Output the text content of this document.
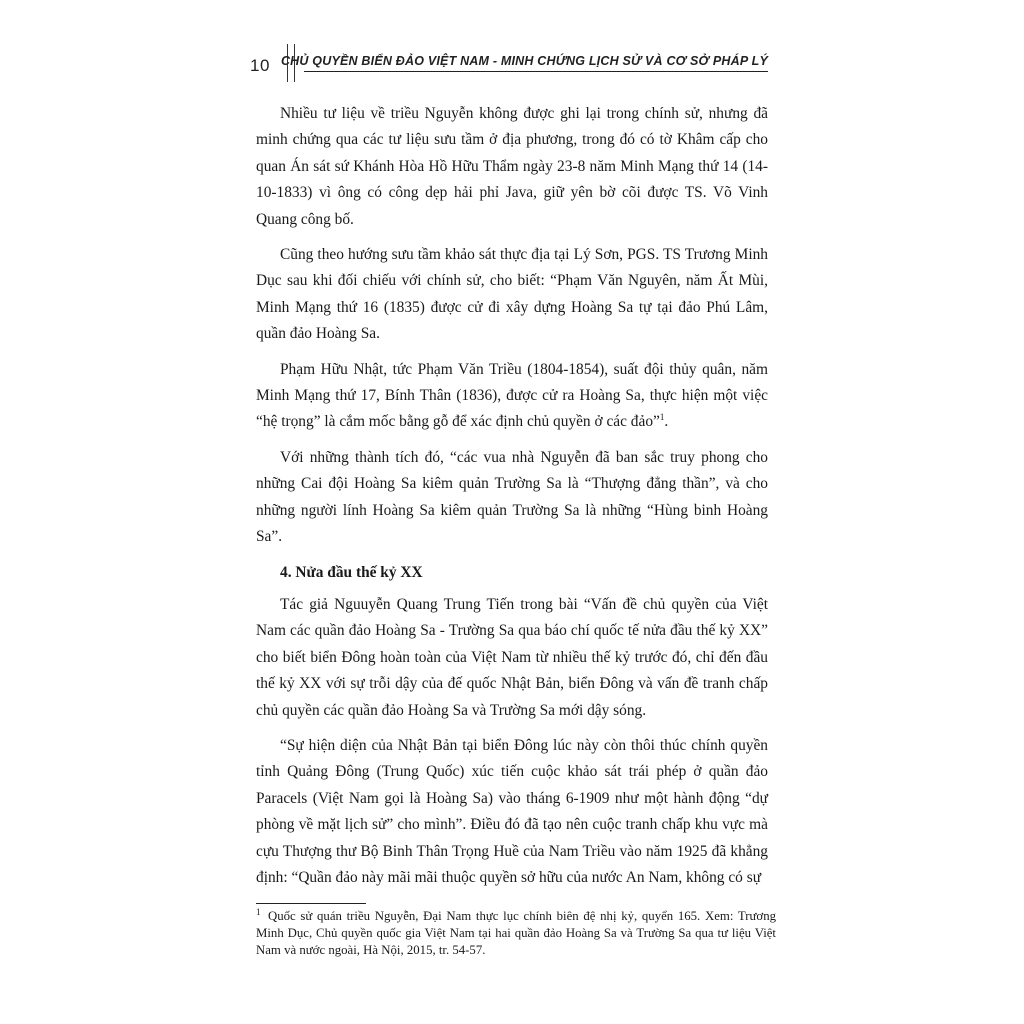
10 CHỦ QUYỀN BIỂN ĐẢO VIỆT NAM - MINH CHỨNG LỊCH SỬ VÀ CƠ SỞ PHÁP LÝ

Nhiều tư liệu về triều Nguyễn không được ghi lại trong chính sử, nhưng đã minh chứng qua các tư liệu sưu tầm ở địa phương, trong đó có tờ Khâm cấp cho quan Án sát sứ Khánh Hòa Hồ Hữu Thẩm ngày 23-8 năm Minh Mạng thứ 14 (14-10-1833) vì ông có công dẹp hải phỉ Java, giữ yên bờ cõi được TS. Võ Vinh Quang công bố.

Cũng theo hướng sưu tầm khảo sát thực địa tại Lý Sơn, PGS. TS Trương Minh Dục sau khi đối chiếu với chính sử, cho biết: “Phạm Văn Nguyên, năm Ất Mùi, Minh Mạng thứ 16 (1835) được cử đi xây dựng Hoàng Sa tự tại đảo Phú Lâm, quần đảo Hoàng Sa.

Phạm Hữu Nhật, tức Phạm Văn Triều (1804-1854), suất đội thủy quân, năm Minh Mạng thứ 17, Bính Thân (1836), được cử ra Hoàng Sa, thực hiện một việc “hệ trọng” là cắm mốc bằng gỗ để xác định chủ quyền ở các đảo”$^1$.

Với những thành tích đó, “các vua nhà Nguyễn đã ban sắc truy phong cho những Cai đội Hoàng Sa kiêm quản Trường Sa là “Thượng đẳng thần”, và cho những người lính Hoàng Sa kiêm quản Trường Sa là những “Hùng binh Hoàng Sa”.

4. Nửa đầu thế kỷ XX

Tác giả Nguuyễn Quang Trung Tiến trong bài “Vấn đề chủ quyền của Việt Nam các quần đảo Hoàng Sa - Trường Sa qua báo chí quốc tế nửa đầu thế kỷ XX” cho biết biển Đông hoàn toàn của Việt Nam từ nhiều thế kỷ trước đó, chỉ đến đầu thế kỷ XX với sự trỗi dậy của đế quốc Nhật Bản, biển Đông và vấn đề tranh chấp chủ quyền các quần đảo Hoàng Sa và Trường Sa mới dậy sóng.

“Sự hiện diện của Nhật Bản tại biển Đông lúc này còn thôi thúc chính quyền tỉnh Quảng Đông (Trung Quốc) xúc tiến cuộc khảo sát trái phép ở quần đảo Paracels (Việt Nam gọi là Hoàng Sa) vào tháng 6-1909 như một hành động “dự phòng về mặt lịch sử” cho mình”. Điều đó đã tạo nên cuộc tranh chấp khu vực mà cựu Thượng thư Bộ Binh Thân Trọng Huề của Nam Triều vào năm 1925 đã khẳng định: “Quần đảo này mãi mãi thuộc quyền sở hữu của nước An Nam, không có sự

1 Quốc sử quán triều Nguyễn, Đại Nam thực lục chính biên đệ nhị kỷ, quyển 165. Xem: Trương Minh Dục, Chủ quyền quốc gia Việt Nam tại hai quần đảo Hoàng Sa và Trường Sa qua tư liệu Việt Nam và nước ngoài, Hà Nội, 2015, tr. 54-57.
